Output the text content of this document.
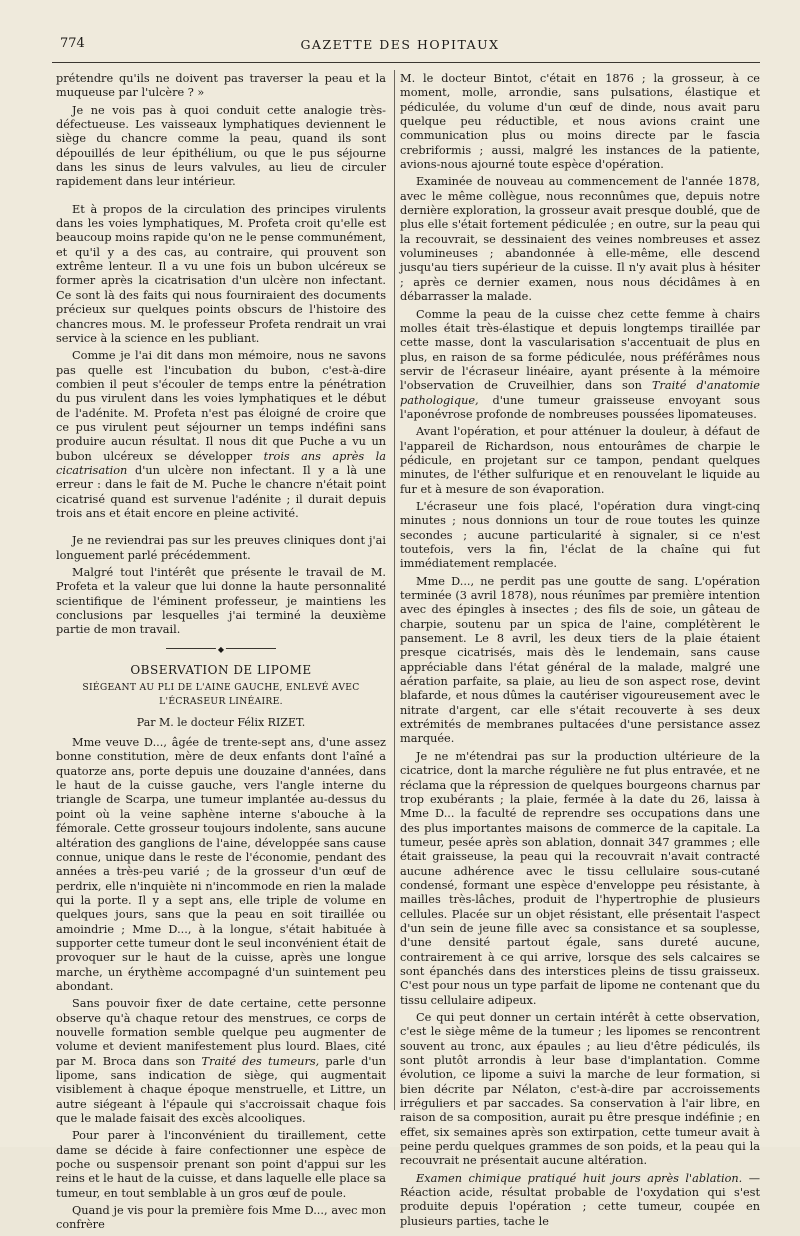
774	GAZETTE DES HOPITAUX

prétendre qu'ils ne doivent pas traverser la peau et la muqueuse par l'ulcère ? »

Je ne vois pas à quoi conduit cette analogie très-défectueuse. Les vaisseaux lymphatiques deviennent le siège du chancre comme la peau, quand ils sont dépouillés de leur épithélium, ou que le pus séjourne dans les sinus de leurs valvules, au lieu de circuler rapidement dans leur intérieur.

Et à propos de la circulation des principes virulents dans les voies lymphatiques, M. Profeta croit qu'elle est beaucoup moins rapide qu'on ne le pense communément, et qu'il y a des cas, au contraire, qui prouvent son extrême lenteur. Il a vu une fois un bubon ulcéreux se former après la cicatrisation d'un ulcère non infectant. Ce sont là des faits qui nous fourniraient des documents précieux sur quelques points obscurs de l'histoire des chancres mous. M. le professeur Profeta rendrait un vrai service à la science en les publiant.

Comme je l'ai dit dans mon mémoire, nous ne savons pas quelle est l'incubation du bubon, c'est-à-dire combien il peut s'écouler de temps entre la pénétration du pus virulent dans les voies lymphatiques et le début de l'adénite. M. Profeta n'est pas éloigné de croire que ce pus virulent peut séjourner un temps indéfini sans produire aucun résultat. Il nous dit que Puche a vu un bubon ulcéreux se développer trois ans après la cicatrisation d'un ulcère non infectant. Il y a là une erreur : dans le fait de M. Puche le chancre n'était point cicatrisé quand est survenue l'adénite ; il durait depuis trois ans et était encore en pleine activité.

Je ne reviendrai pas sur les preuves cliniques dont j'ai longuement parlé précédemment.

Malgré tout l'intérêt que présente le travail de M. Profeta et la valeur que lui donne la haute personnalité scientifique de l'éminent professeur, je maintiens les conclusions par lesquelles j'ai terminé la deuxième partie de mon travail.

◆
OBSERVATION DE LIPOME
SIÉGEANT AU PLI DE L'AINE GAUCHE, ENLEVÉ AVEC L'ÉCRASEUR LINÉAIRE.
Par M. le docteur Félix RIZET.

Mme veuve D..., âgée de trente-sept ans, d'une assez bonne constitution, mère de deux enfants dont l'aîné a quatorze ans, porte depuis une douzaine d'années, dans le haut de la cuisse gauche, vers l'angle interne du triangle de Scarpa, une tumeur implantée au-dessus du point où la veine saphène interne s'abouche à la fémorale. Cette grosseur toujours indolente, sans aucune altération des ganglions de l'aine, développée sans cause connue, unique dans le reste de l'économie, pendant des années a très-peu varié ; de la grosseur d'un œuf de perdrix, elle n'inquiète ni n'incommode en rien la malade qui la porte. Il y a sept ans, elle triple de volume en quelques jours, sans que la peau en soit tiraillée ou amoindrie ; Mme D..., à la longue, s'était habituée à supporter cette tumeur dont le seul inconvénient était de provoquer sur le haut de la cuisse, après une longue marche, un érythème accompagné d'un suintement peu abondant.

Sans pouvoir fixer de date certaine, cette personne observe qu'à chaque retour des menstrues, ce corps de nouvelle formation semble quelque peu augmenter de volume et devient manifestement plus lourd. Blaes, cité par M. Broca dans son Traité des tumeurs, parle d'un lipome, sans indication de siège, qui augmentait visiblement à chaque époque menstruelle, et Littre, un autre siégeant à l'épaule qui s'accroissait chaque fois que le malade faisait des excès alcooliques.

Pour parer à l'inconvénient du tiraillement, cette dame se décide à faire confectionner une espèce de poche ou suspensoir prenant son point d'appui sur les reins et le haut de la cuisse, et dans laquelle elle place sa tumeur, en tout semblable à un gros œuf de poule.

Quand je vis pour la première fois Mme D..., avec mon confrère

M. le docteur Bintot, c'était en 1876 ; la grosseur, à ce moment, molle, arrondie, sans pulsations, élastique et pédiculée, du volume d'un œuf de dinde, nous avait paru quelque peu réductible, et nous avions craint une communication plus ou moins directe par le fascia crebriformis ; aussi, malgré les instances de la patiente, avions-nous ajourné toute espèce d'opération.

Examinée de nouveau au commencement de l'année 1878, avec le même collègue, nous reconnûmes que, depuis notre dernière exploration, la grosseur avait presque doublé, que de plus elle s'était fortement pédiculée ; en outre, sur la peau qui la recouvrait, se dessinaient des veines nombreuses et assez volumineuses ; abandonnée à elle-même, elle descend jusqu'au tiers supérieur de la cuisse. Il n'y avait plus à hésiter ; après ce dernier examen, nous nous décidâmes à en débarrasser la malade.

Comme la peau de la cuisse chez cette femme à chairs molles était très-élastique et depuis longtemps tiraillée par cette masse, dont la vascularisation s'accentuait de plus en plus, en raison de sa forme pédiculée, nous préférâmes nous servir de l'écraseur linéaire, ayant présente à la mémoire l'observation de Cruveilhier, dans son Traité d'anatomie pathologique, d'une tumeur graisseuse envoyant sous l'aponévrose profonde de nombreuses poussées lipomateuses.

Avant l'opération, et pour atténuer la douleur, à défaut de l'appareil de Richardson, nous entourâmes de charpie le pédicule, en projetant sur ce tampon, pendant quelques minutes, de l'éther sulfurique et en renouvelant le liquide au fur et à mesure de son évaporation.

L'écraseur une fois placé, l'opération dura vingt-cinq minutes ; nous donnions un tour de roue toutes les quinze secondes ; aucune particularité à signaler, si ce n'est toutefois, vers la fin, l'éclat de la chaîne qui fut immédiatement remplacée.

Mme D..., ne perdit pas une goutte de sang. L'opération terminée (3 avril 1878), nous réunîmes par première intention avec des épingles à insectes ; des fils de soie, un gâteau de charpie, soutenu par un spica de l'aine, complétèrent le pansement. Le 8 avril, les deux tiers de la plaie étaient presque cicatrisés, mais dès le lendemain, sans cause appréciable dans l'état général de la malade, malgré une aération parfaite, sa plaie, au lieu de son aspect rose, devint blafarde, et nous dûmes la cautériser vigoureusement avec le nitrate d'argent, car elle s'était recouverte à ses deux extrémités de membranes pultacées d'une persistance assez marquée.

Je ne m'étendrai pas sur la production ultérieure de la cicatrice, dont la marche régulière ne fut plus entravée, et ne réclama que la répression de quelques bourgeons charnus par trop exubérants ; la plaie, fermée à la date du 26, laissa à Mme D... la faculté de reprendre ses occupations dans une des plus importantes maisons de commerce de la capitale. La tumeur, pesée après son ablation, donnait 347 grammes ; elle était graisseuse, la peau qui la recouvrait n'avait contracté aucune adhérence avec le tissu cellulaire sous-cutané condensé, formant une espèce d'enveloppe peu résistante, à mailles très-lâches, produit de l'hypertrophie de plusieurs cellules. Placée sur un objet résistant, elle présentait l'aspect d'un sein de jeune fille avec sa consistance et sa souplesse, d'une densité partout égale, sans dureté aucune, contrairement à ce qui arrive, lorsque des sels calcaires se sont épanchés dans des interstices pleins de tissu graisseux. C'est pour nous un type parfait de lipome ne contenant que du tissu cellulaire adipeux.

Ce qui peut donner un certain intérêt à cette observation, c'est le siège même de la tumeur ; les lipomes se rencontrent souvent au tronc, aux épaules ; au lieu d'être pédiculés, ils sont plutôt arrondis à leur base d'implantation. Comme évolution, ce lipome a suivi la marche de leur formation, si bien décrite par Nélaton, c'est-à-dire par accroissements irréguliers et par saccades. Sa conservation à l'air libre, en raison de sa composition, aurait pu être presque indéfinie ; en effet, six semaines après son extirpation, cette tumeur avait à peine perdu quelques grammes de son poids, et la peau qui la recouvrait ne présentait aucune altération.

Examen chimique pratiqué huit jours après l'ablation. — Réaction acide, résultat probable de l'oxydation qui s'est produite depuis l'opération ; cette tumeur, coupée en plusieurs parties, tache le
